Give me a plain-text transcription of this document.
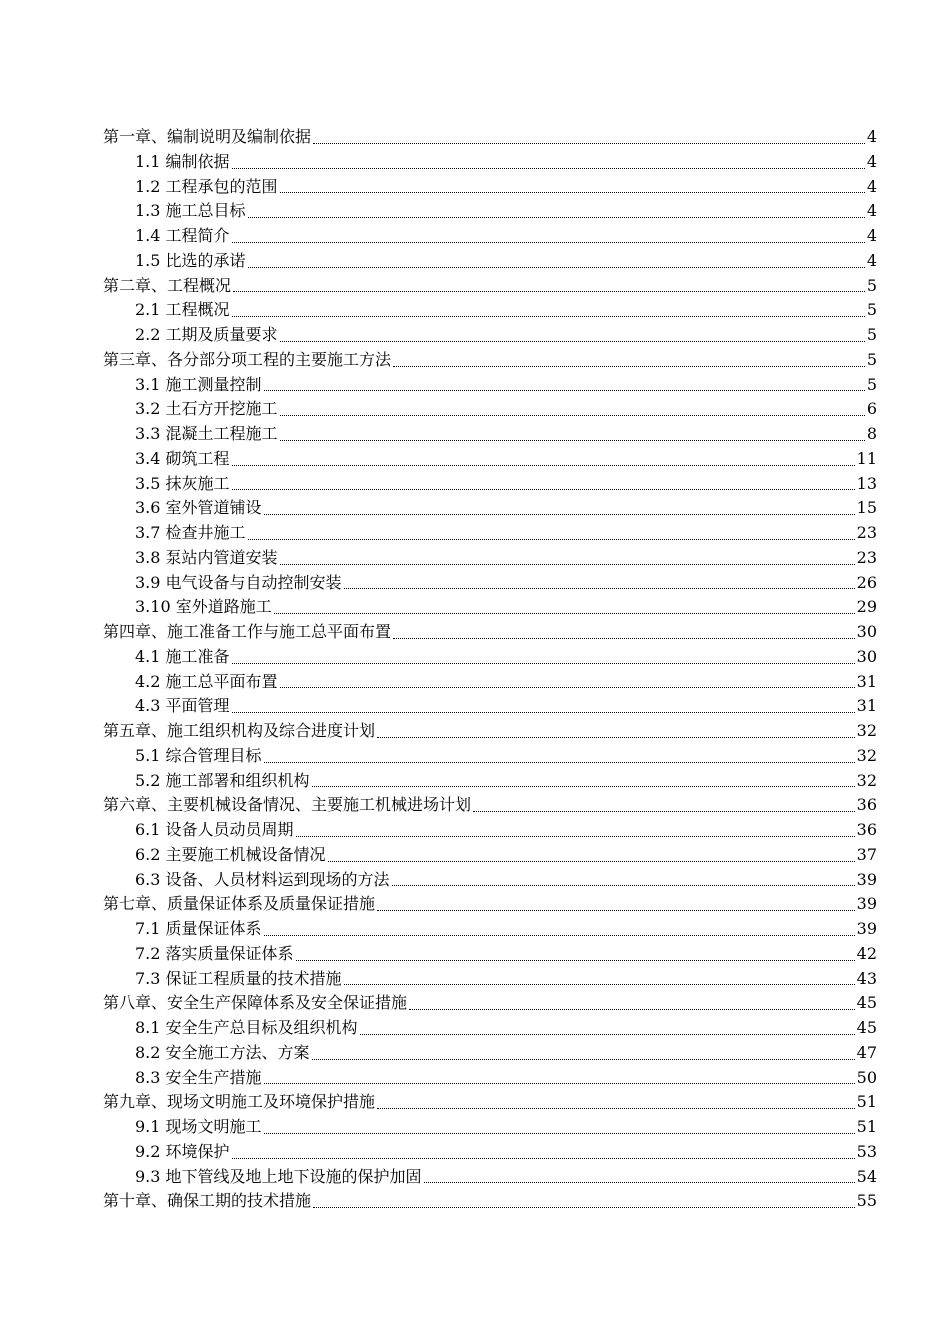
第一章、编制说明及编制依据	4
1.1 编制依据	4
1.2 工程承包的范围	4
1.3 施工总目标	4
1.4 工程简介	4
1.5 比选的承诺	4
第二章、工程概况	5
2.1 工程概况	5
2.2 工期及质量要求	5
第三章、各分部分项工程的主要施工方法	5
3.1 施工测量控制	5
3.2 土石方开挖施工	6
3.3 混凝土工程施工	8
3.4 砌筑工程	11
3.5 抹灰施工	13
3.6 室外管道铺设	15
3.7 检查井施工	23
3.8 泵站内管道安装	23
3.9 电气设备与自动控制安装	26
3.10 室外道路施工	29
第四章、施工准备工作与施工总平面布置	30
4.1 施工准备	30
4.2 施工总平面布置	31
4.3 平面管理	31
第五章、施工组织机构及综合进度计划	32
5.1 综合管理目标	32
5.2 施工部署和组织机构	32
第六章、主要机械设备情况、主要施工机械进场计划	36
6.1 设备人员动员周期	36
6.2 主要施工机械设备情况	37
6.3 设备、人员材料运到现场的方法	39
第七章、质量保证体系及质量保证措施	39
7.1 质量保证体系	39
7.2 落实质量保证体系	42
7.3 保证工程质量的技术措施	43
第八章、安全生产保障体系及安全保证措施	45
8.1 安全生产总目标及组织机构	45
8.2 安全施工方法、方案	47
8.3 安全生产措施	50
第九章、现场文明施工及环境保护措施	51
9.1 现场文明施工	51
9.2 环境保护	53
9.3 地下管线及地上地下设施的保护加固	54
第十章、确保工期的技术措施	55
